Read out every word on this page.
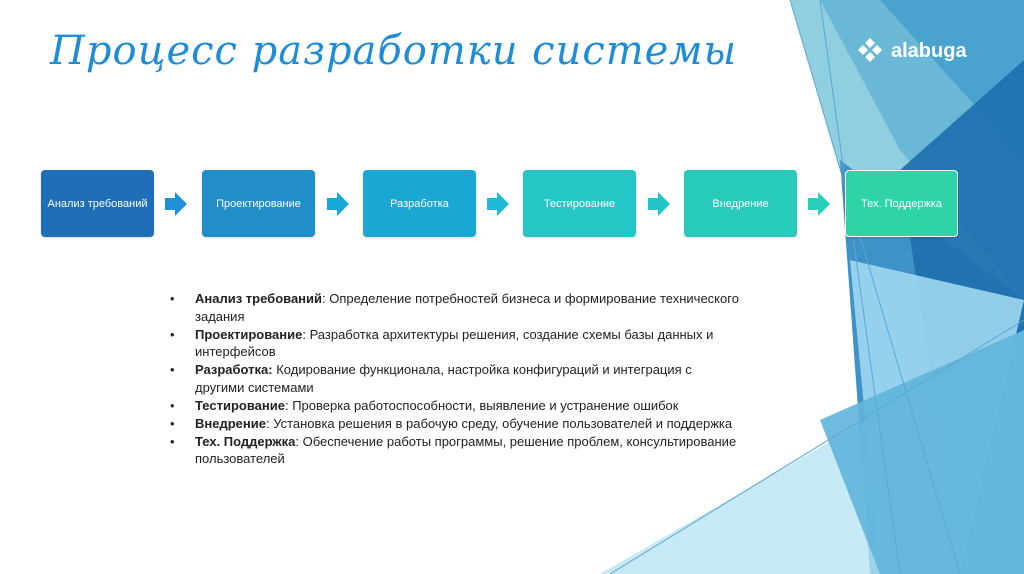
Процесс разработки системы	alabuga
Анализ требований	Проектирование	Разработка	Тестирование	Внедрение	Тех. Поддержка
• Анализ требований: Определение потребностей бизнеса и формирование технического задания
• Проектирование: Разработка архитектуры решения, создание схемы базы данных и интерфейсов
• Разработка: Кодирование функционала, настройка конфигураций и интеграция с другими системами
• Тестирование: Проверка работоспособности, выявление и устранение ошибок
• Внедрение: Установка решения в рабочую среду, обучение пользователей и поддержка
• Тех. Поддержка: Обеспечение работы программы, решение проблем, консультирование пользователей
